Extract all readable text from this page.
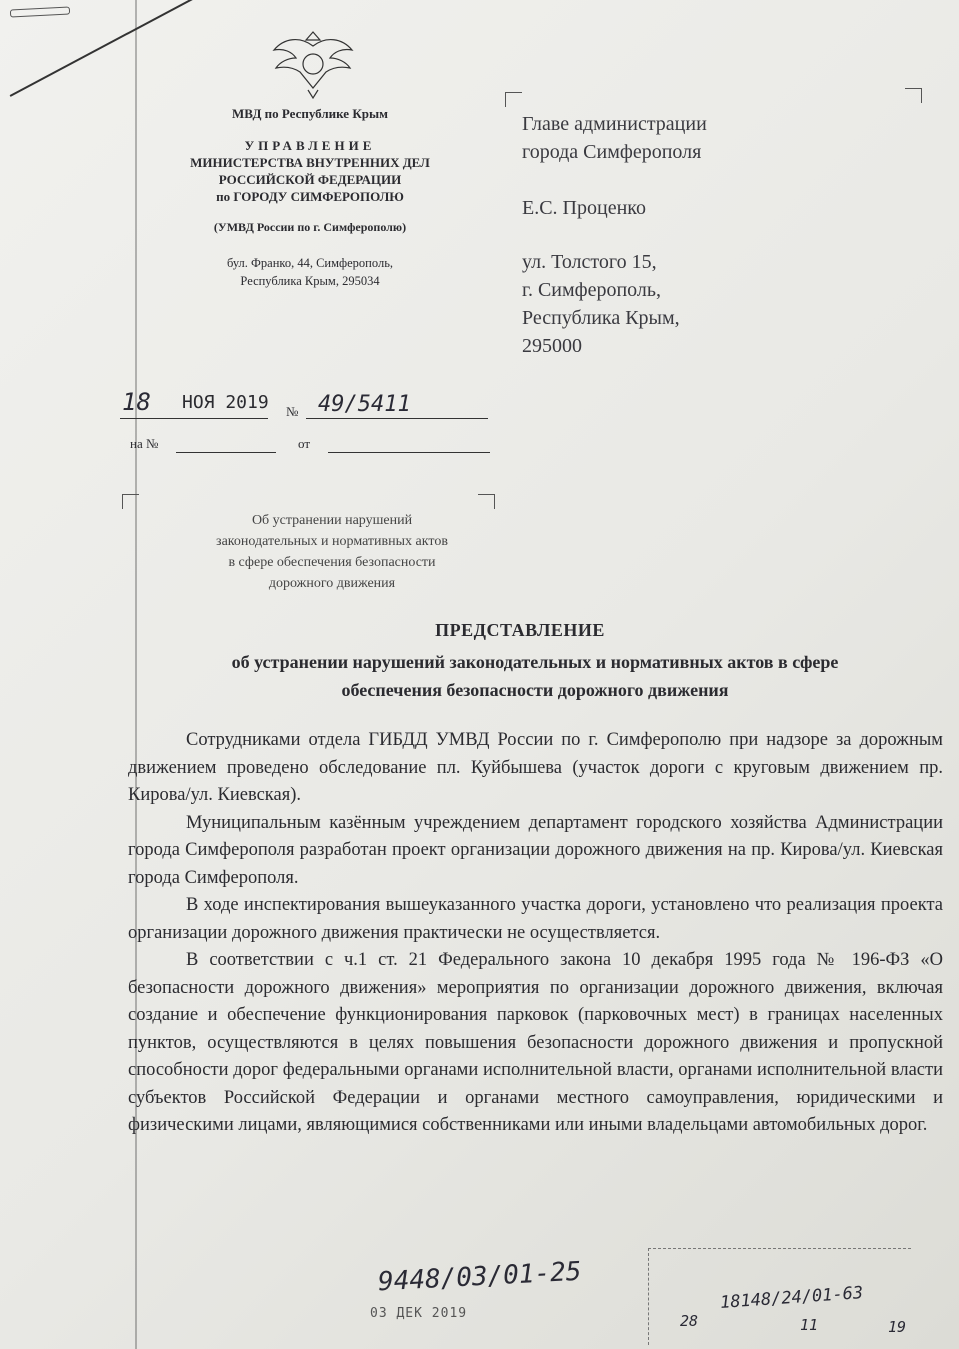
МВД по Республике Крым
УПРАВЛЕНИЕ
МИНИСТЕРСТВА ВНУТРЕННИХ ДЕЛ
РОССИЙСКОЙ ФЕДЕРАЦИИ
по ГОРОДУ СИМФЕРОПОЛЮ
(УМВД России по г. Симферополю)
бул. Франко, 44, Симферополь,
Республика Крым, 295034
Главе администрации
города Симферополя
Е.С. Проценко
ул. Толстого 15,
г. Симферополь,
Республика Крым,
295000
18 НОЯ 2019 № 49/5411
на №	от
Об устранении нарушений
законодательных и нормативных актов
в сфере обеспечения безопасности
дорожного движения
ПРЕДСТАВЛЕНИЕ
об устранении нарушений законодательных и нормативных актов в сфере
обеспечения безопасности дорожного движения

Сотрудниками отдела ГИБДД УМВД России по г. Симферополю при надзоре за дорожным движением проведено обследование пл. Куйбышева (участок дороги с круговым движением пр. Кирова/ул. Киевская).

Муниципальным казённым учреждением департамент городского хозяйства Администрации города Симферополя разработан проект организации дорожного движения на пр. Кирова/ул. Киевская города Симферополя.

В ходе инспектирования вышеуказанного участка дороги, установлено что реализация проекта организации дорожного движения практически не осуществляется.

В соответствии с ч.1 ст. 21 Федерального закона 10 декабря 1995 года № 196-ФЗ «О безопасности дорожного движения» мероприятия по организации дорожного движения, включая создание и обеспечение функционирования парковок (парковочных мест) в границах населенных пунктов, осуществляются в целях повышения безопасности дорожного движения и пропускной способности дорог федеральными органами исполнительной власти, органами исполнительной власти субъектов Российской Федерации и органами местного самоуправления, юридическими и физическими лицами, являющимися собственниками или иными владельцами автомобильных дорог.

9448/03/01-25
03 ДЕК 2019
18148/24/01-63
28	11	19
